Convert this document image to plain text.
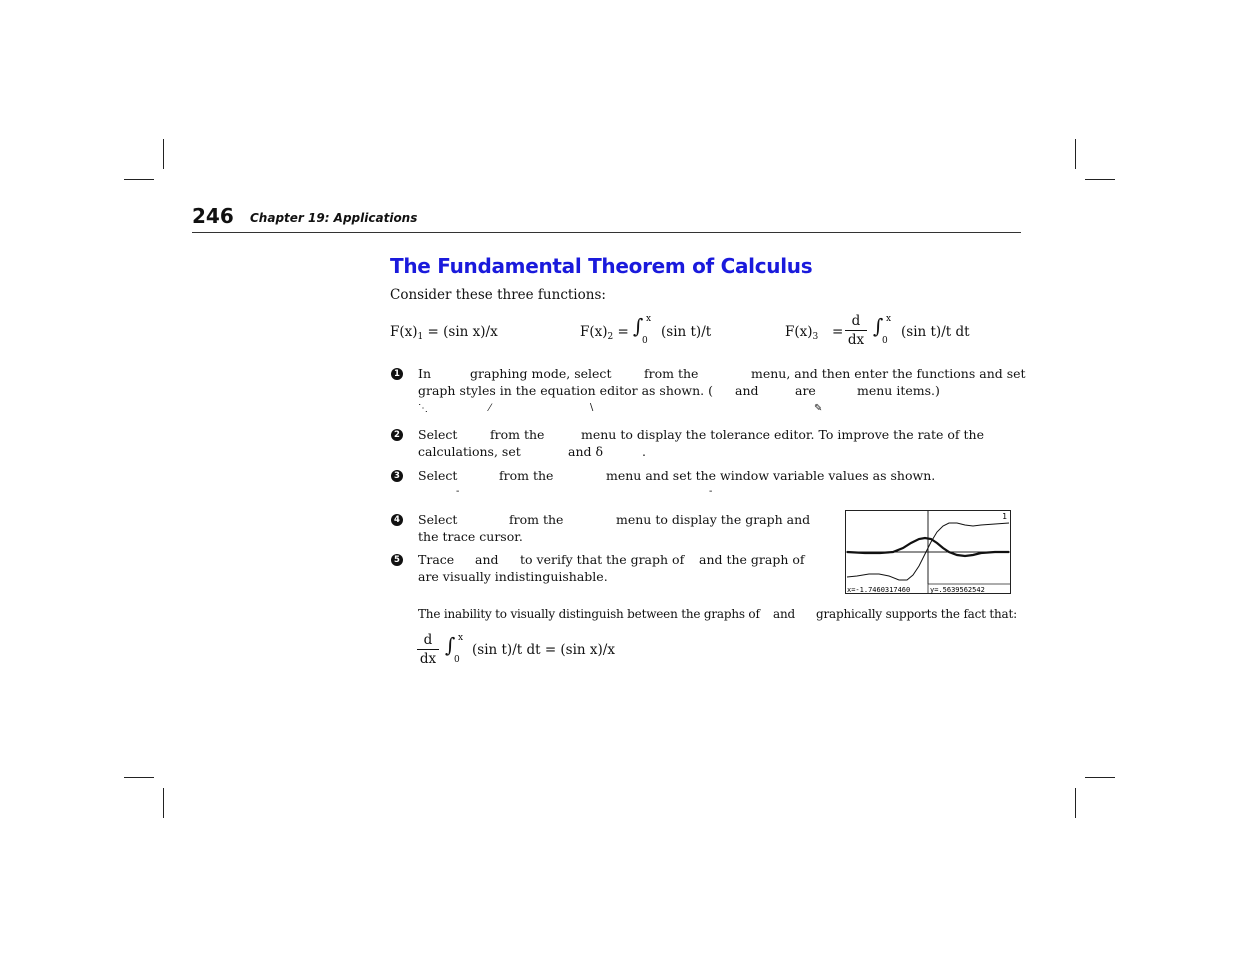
246 Chapter 19: Applications
The Fundamental Theorem of Calculus
Consider these three functions:
$F(x)_1 = (\sin$ x)/x	$F(x)_2$ = ∫ x
0
(sin t)/t	$F(x)_3$ =
d
dx
∫ x
0
(sin t)/t dt
1 In	graphing mode, select	from the	menu, and then enter the functions and set
graph styles in the equation editor as shown. ( and	are	menu items.)
⋱	⁄	∖	✎
2 Select	from the	menu to display the tolerance editor. To improve the rate of the
calculations, set	and δ	.
3 Select	from the	menu and set the window variable values as shown.
-	-
4 Select	from the	menu to display the graph and
the trace cursor.
5 Trace and to verify that the graph of and the graph of
are visually indistinguishable.
1
x=-1.7460317460	y=.5639562542
The inability to visually distinguish between the graphs of and graphically supports the fact that:
d
dx
∫ x
0
(sin t)/t dt = (sin x)/x
